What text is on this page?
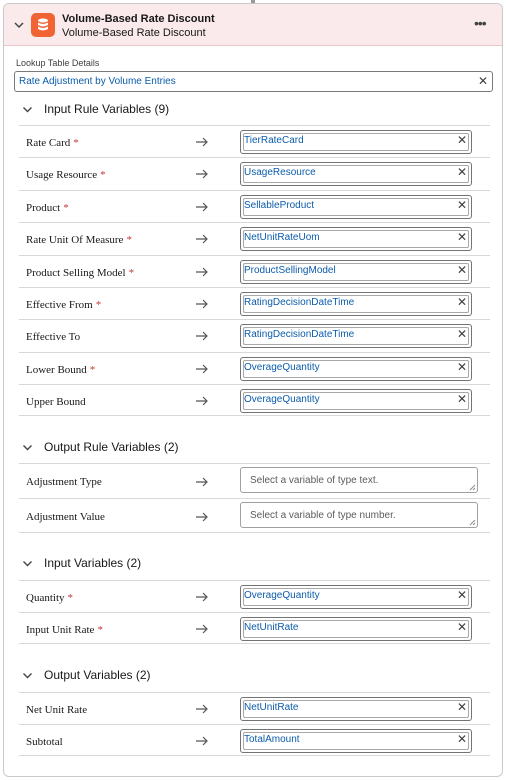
Volume-Based Rate Discount
Volume-Based Rate Discount
•••
Lookup Table Details
Rate Adjustment by Volume Entries	✕
Input Rule Variables (9)
Rate Card *	TierRateCard	✕
Usage Resource *	UsageResource	✕
Product *	SellableProduct	✕
Rate Unit Of Measure *	NetUnitRateUom	✕
Product Selling Model *	ProductSellingModel	✕
Effective From *	RatingDecisionDateTime	✕
Effective To	RatingDecisionDateTime	✕
Lower Bound *	OverageQuantity	✕
Upper Bound	OverageQuantity	✕
Output Rule Variables (2)
Adjustment Type	Select a variable of type text.
Adjustment Value	Select a variable of type number.
Input Variables (2)
Quantity *	OverageQuantity	✕
Input Unit Rate *	NetUnitRate	✕
Output Variables (2)
Net Unit Rate	NetUnitRate	✕
Subtotal	TotalAmount	✕
